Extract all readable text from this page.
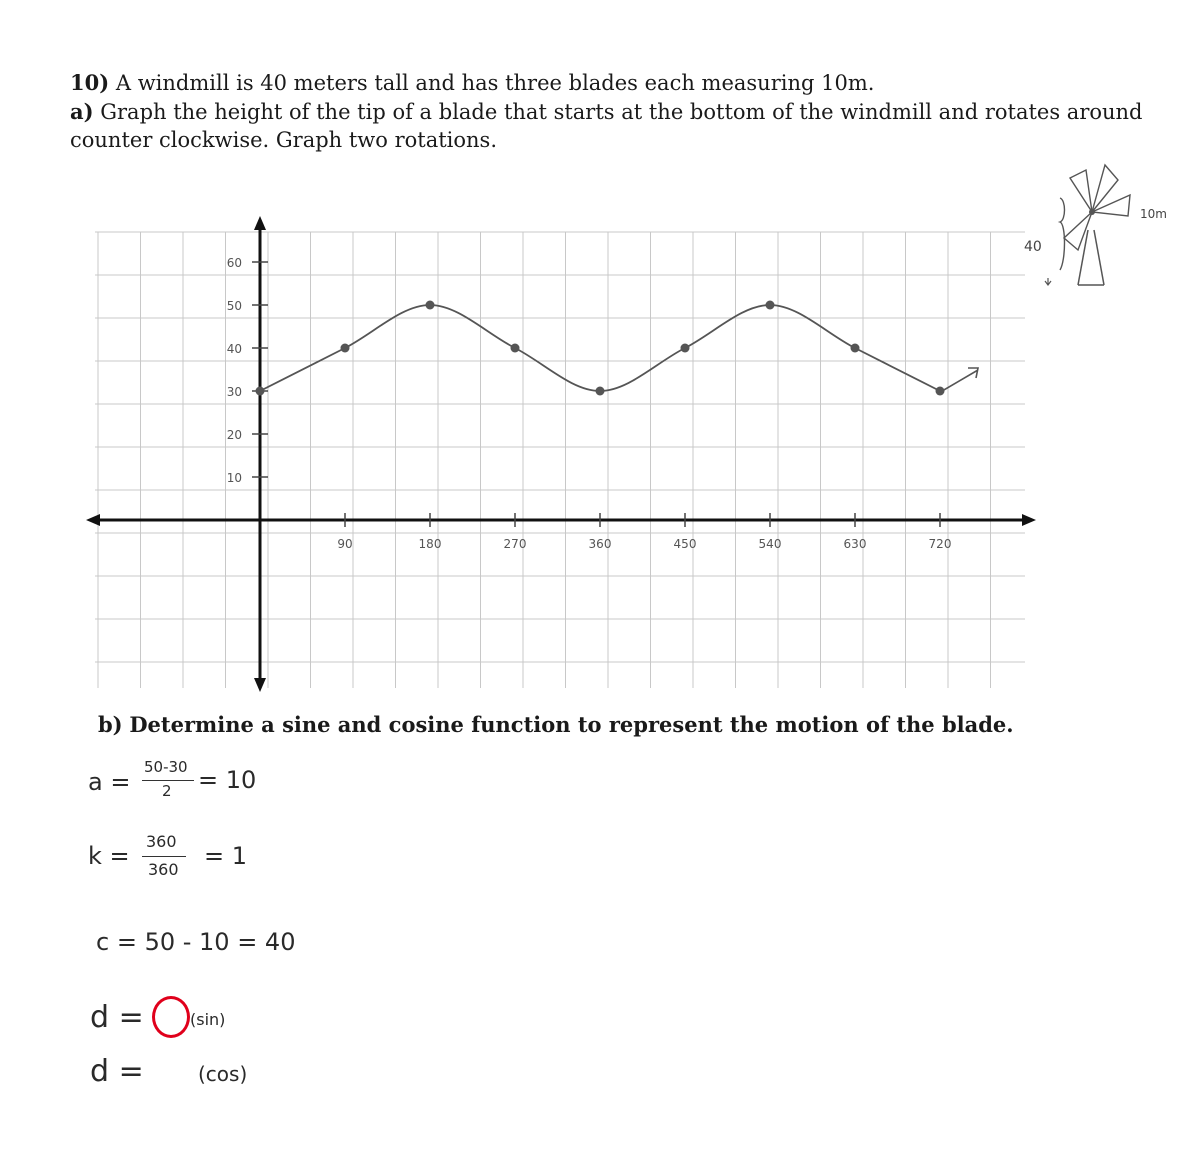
10) A windmill is 40 meters tall and has three blades each measuring 10m.
a) Graph the height of the tip of a blade that starts at the bottom of the windmill and rotates around
counter clockwise. Graph two rotations.
10
20
30
40
50
60
90	180	270	360	450	540	630	720
40
10m
b) Determine a sine and cosine function to represent the motion of the blade.
a =
50-30
2 = 10
k =
360
360 = 1
c = 50 - 10 = 40
d =	(sin)
d =	(cos)
